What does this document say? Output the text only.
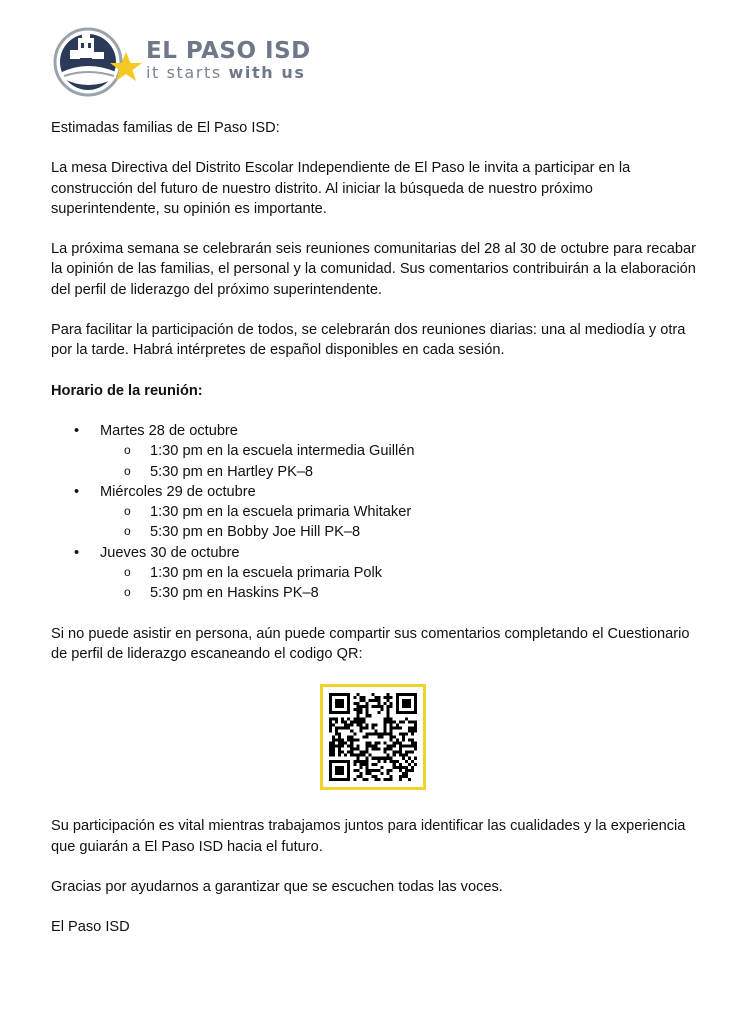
EL PASO ISD
it starts with us

Estimadas familias de El Paso ISD:

La mesa Directiva del Distrito Escolar Independiente de El Paso le invita a participar en la construcción del futuro de nuestro distrito. Al iniciar la búsqueda de nuestro próximo superintendente, su opinión es importante.

La próxima semana se celebrarán seis reuniones comunitarias del 28 al 30 de octubre para recabar la opinión de las familias, el personal y la comunidad. Sus comentarios contribuirán a la elaboración del perfil de liderazgo del próximo superintendente.

Para facilitar la participación de todos, se celebrarán dos reuniones diarias: una al mediodía y otra por la tarde. Habrá intérpretes de español disponibles en cada sesión.

Horario de la reunión:

• Martes 28 de octubre
o 1:30 pm en la escuela intermedia Guillén
o 5:30 pm en Hartley PK–8
• Miércoles 29 de octubre
o 1:30 pm en la escuela primaria Whitaker
o 5:30 pm en Bobby Joe Hill PK–8
• Jueves 30 de octubre
o 1:30 pm en la escuela primaria Polk
o 5:30 pm en Haskins PK–8

Si no puede asistir en persona, aún puede compartir sus comentarios completando el Cuestionario de perfil de liderazgo escaneando el codigo QR:

Su participación es vital mientras trabajamos juntos para identificar las cualidades y la experiencia que guiarán a El Paso ISD hacia el futuro.

Gracias por ayudarnos a garantizar que se escuchen todas las voces.

El Paso ISD
